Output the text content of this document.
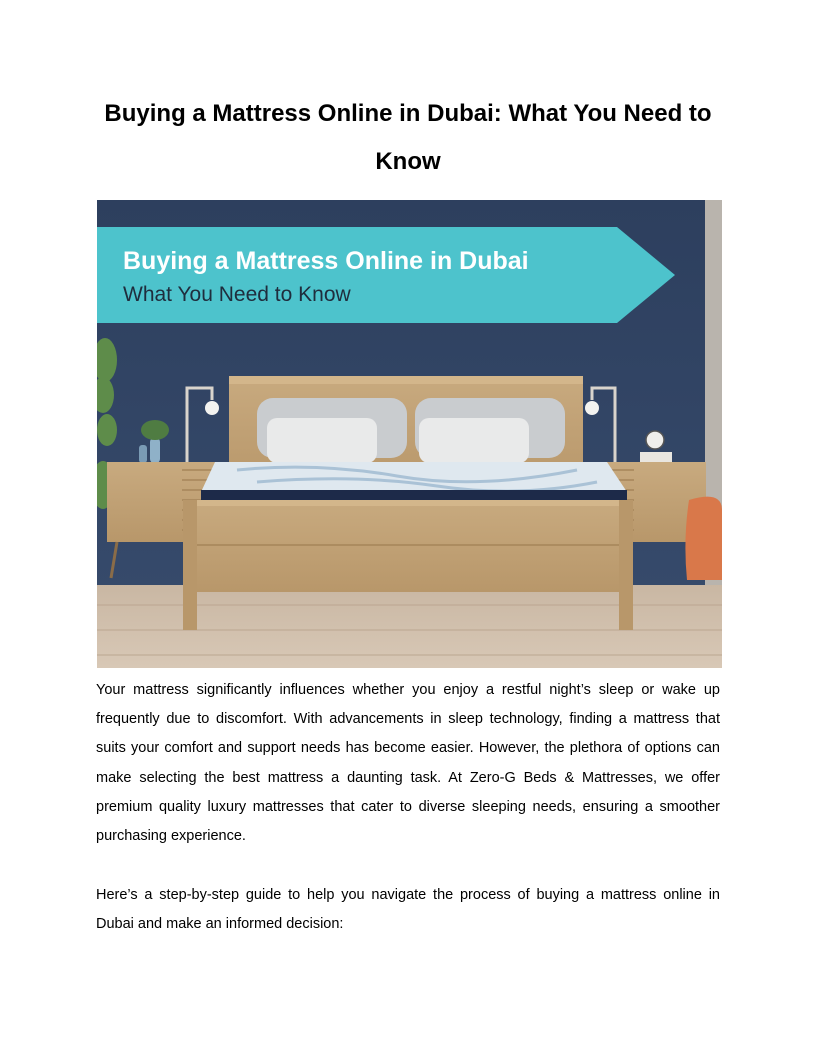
Buying a Mattress Online in Dubai: What You Need to Know
Buying a Mattress Online in Dubai
What You Need to Know

Your mattress significantly influences whether you enjoy a restful night’s sleep or wake up frequently due to discomfort. With advancements in sleep technology, finding a mattress that suits your comfort and support needs has become easier. However, the plethora of options can make selecting the best mattress a daunting task. At Zero-G Beds & Mattresses, we offer premium quality luxury mattresses that cater to diverse sleeping needs, ensuring a smoother purchasing experience.

Here’s a step-by-step guide to help you navigate the process of buying a mattress online in Dubai and make an informed decision:
